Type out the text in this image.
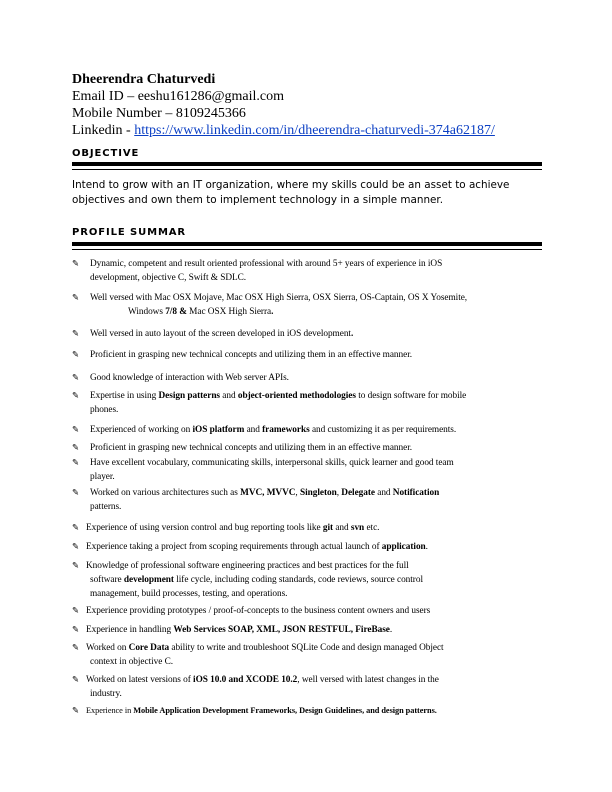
Dheerendra Chaturvedi
Email ID – eeshu161286@gmail.com
Mobile Number – 8109245366
Linkedin - https://www.linkedin.com/in/dheerendra-chaturvedi-374a62187/
OBJECTIVE
Intend to grow with an IT organization, where my skills could be an asset to achieve objectives and own them to implement technology in a simple manner.
PROFILE SUMMAR
✎ Dynamic, competent and result oriented professional with around 5+ years of experience in iOS
development, objective C, Swift & SDLC.
✎ Well versed with Mac OSX Mojave, Mac OSX High Sierra, OSX Sierra, OS-Captain, OS X Yosemite,
Windows 7/8 & Mac OSX High Sierra.
✎ Well versed in auto layout of the screen developed in iOS development.
✎ Proficient in grasping new technical concepts and utilizing them in an effective manner.
✎ Good knowledge of interaction with Web server APIs.
✎ Expertise in using Design patterns and object-oriented methodologies to design software for mobile
phones.
✎ Experienced of working on iOS platform and frameworks and customizing it as per requirements.
✎ Proficient in grasping new technical concepts and utilizing them in an effective manner.
✎ Have excellent vocabulary, communicating skills, interpersonal skills, quick learner and good team
player.
✎ Worked on various architectures such as MVC, MVVC, Singleton, Delegate and Notification
patterns.
✎ Experience of using version control and bug reporting tools like git and svn etc.
✎ Experience taking a project from scoping requirements through actual launch of application.
✎ Knowledge of professional software engineering practices and best practices for the full
software development life cycle, including coding standards, code reviews, source control
management, build processes, testing, and operations.
✎ Experience providing prototypes / proof-of-concepts to the business content owners and users
✎ Experience in handling Web Services SOAP, XML, JSON RESTFUL, FireBase.
✎ Worked on Core Data ability to write and troubleshoot SQLite Code and design managed Object
context in objective C.
✎ Worked on latest versions of iOS 10.0 and XCODE 10.2, well versed with latest changes in the
industry.
✎ Experience in Mobile Application Development Frameworks, Design Guidelines, and design patterns.
